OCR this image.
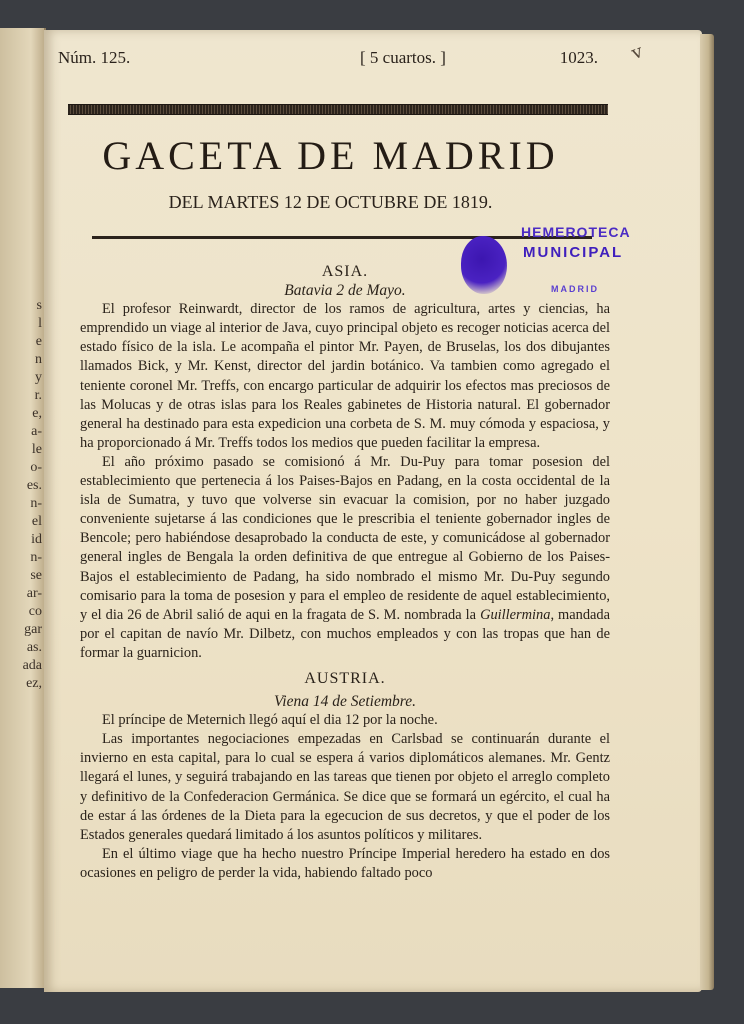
s
l
e
n
y
r.
e,
a-
le
o-
es.
n-
el
id
n-
se
ar-
co
gar
as.
ada
ez,
v
Núm. 125.	[ 5 cuartos. ]	1023.
GACETA DE MADRID
DEL MARTES 12 DE OCTUBRE DE 1819.
HEMEROTECA
MUNICIPAL
MADRID

ASIA.

Batavia 2 de Mayo.

El profesor Reinwardt, director de los ramos de agricultura, artes y ciencias, ha emprendido un viage al interior de Java, cuyo principal objeto es recoger noticias acerca del estado físico de la isla. Le acompaña el pintor Mr. Payen, de Bruselas, los dos dibujantes llamados Bick, y Mr. Kenst, director del jardin botánico. Va tambien como agregado el teniente coronel Mr. Treffs, con encargo particular de adquirir los efectos mas preciosos de las Molucas y de otras islas para los Reales gabinetes de Historia natural. El gobernador general ha destinado para esta expedicion una corbeta de S. M. muy cómoda y espaciosa, y ha proporcionado á Mr. Treffs todos los medios que pueden facilitar la empresa.

El año próximo pasado se comisionó á Mr. Du-Puy para tomar posesion del establecimiento que pertenecia á los Paises-Bajos en Padang, en la costa occidental de la isla de Sumatra, y tuvo que volverse sin evacuar la comision, por no haber juzgado conveniente sujetarse á las condiciones que le prescribia el teniente gobernador ingles de Bencole; pero habiéndose desaprobado la conducta de este, y comunicádose al gobernador general ingles de Bengala la orden definitiva de que entregue al Gobierno de los Paises-Bajos el establecimiento de Padang, ha sido nombrado el mismo Mr. Du-Puy segundo comisario para la toma de posesion y para el empleo de residente de aquel establecimiento, y el dia 26 de Abril salió de aqui en la fragata de S. M. nombrada la Guillermina, mandada por el capitan de navío Mr. Dilbetz, con muchos empleados y con las tropas que han de formar la guarnicion.

AUSTRIA.

Viena 14 de Setiembre.

El príncipe de Meternich llegó aquí el dia 12 por la noche.

Las importantes negociaciones empezadas en Carlsbad se continuarán durante el invierno en esta capital, para lo cual se espera á varios diplomáticos alemanes. Mr. Gentz llegará el lunes, y seguirá trabajando en las tareas que tienen por objeto el arreglo completo y definitivo de la Confederacion Germánica. Se dice que se formará un egército, el cual ha de estar á las órdenes de la Dieta para la egecucion de sus decretos, y que el poder de los Estados generales quedará limitado á los asuntos políticos y militares.

En el último viage que ha hecho nuestro Príncipe Imperial heredero ha estado en dos ocasiones en peligro de perder la vida, habiendo faltado poco
